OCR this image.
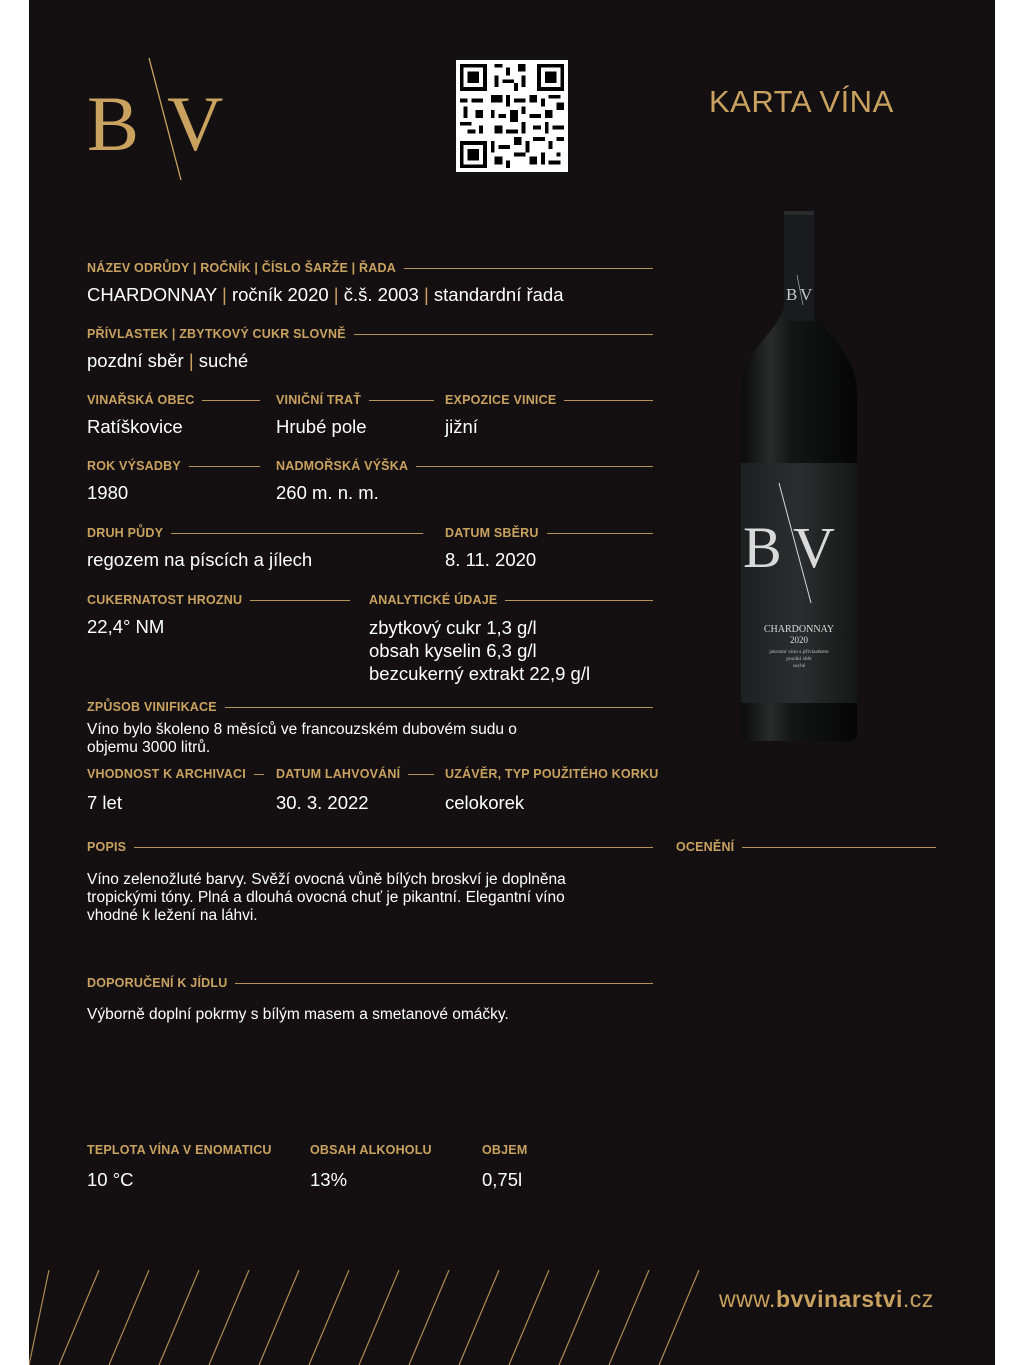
B V	KARTA VÍNA
NÁZEV ODRŮDY | ROČNÍK | ČÍSLO ŠARŽE | ŘADA
CHARDONNAY | ročník 2020 | č.š. 2003 | standardní řada
PŘÍVLASTEK | ZBYTKOVÝ CUKR SLOVNĚ
pozdní sběr | suché
VINAŘSKÁ OBEC
Ratíškovice
VINIČNÍ TRAŤ
Hrubé pole
EXPOZICE VINICE
jižní
ROK VÝSADBY
1980
NADMOŘSKÁ VÝŠKA
260 m. n. m.
DRUH PŮDY
regozem na píscích a jílech
DATUM SBĚRU
8. 11. 2020
CUKERNATOST HROZNU
22,4° NM
ANALYTICKÉ ÚDAJE
zbytkový cukr 1,3 g/l
obsah kyselin 6,3 g/l
bezcukerný extrakt 22,9 g/l
ZPŮSOB VINIFIKACE
Víno bylo školeno 8 měsíců ve francouzském dubovém sudu o objemu 3000 litrů.
VHODNOST K ARCHIVACI
7 let
DATUM LAHVOVÁNÍ
30. 3. 2022
UZÁVĚR, TYP POUŽITÉHO KORKU
celokorek
POPIS
Víno zelenožluté barvy. Svěží ovocná vůně bílých broskví je doplněna tropickými tóny. Plná a dlouhá ovocná chuť je pikantní. Elegantní víno vhodné k ležení na láhvi.
OCENĚNÍ
DOPORUČENÍ K JÍDLU
Výborně doplní pokrmy s bílým masem a smetanové omáčky.
TEPLOTA VÍNA V ENOMATICU
10 °C
OBSAH ALKOHOLU
13%
OBJEM
0,75l
B V
B V
CHARDONNAY
2020
jakostní víno s přívlastkem
pozdní sběr
suché
www.bvvinarstvi.cz
